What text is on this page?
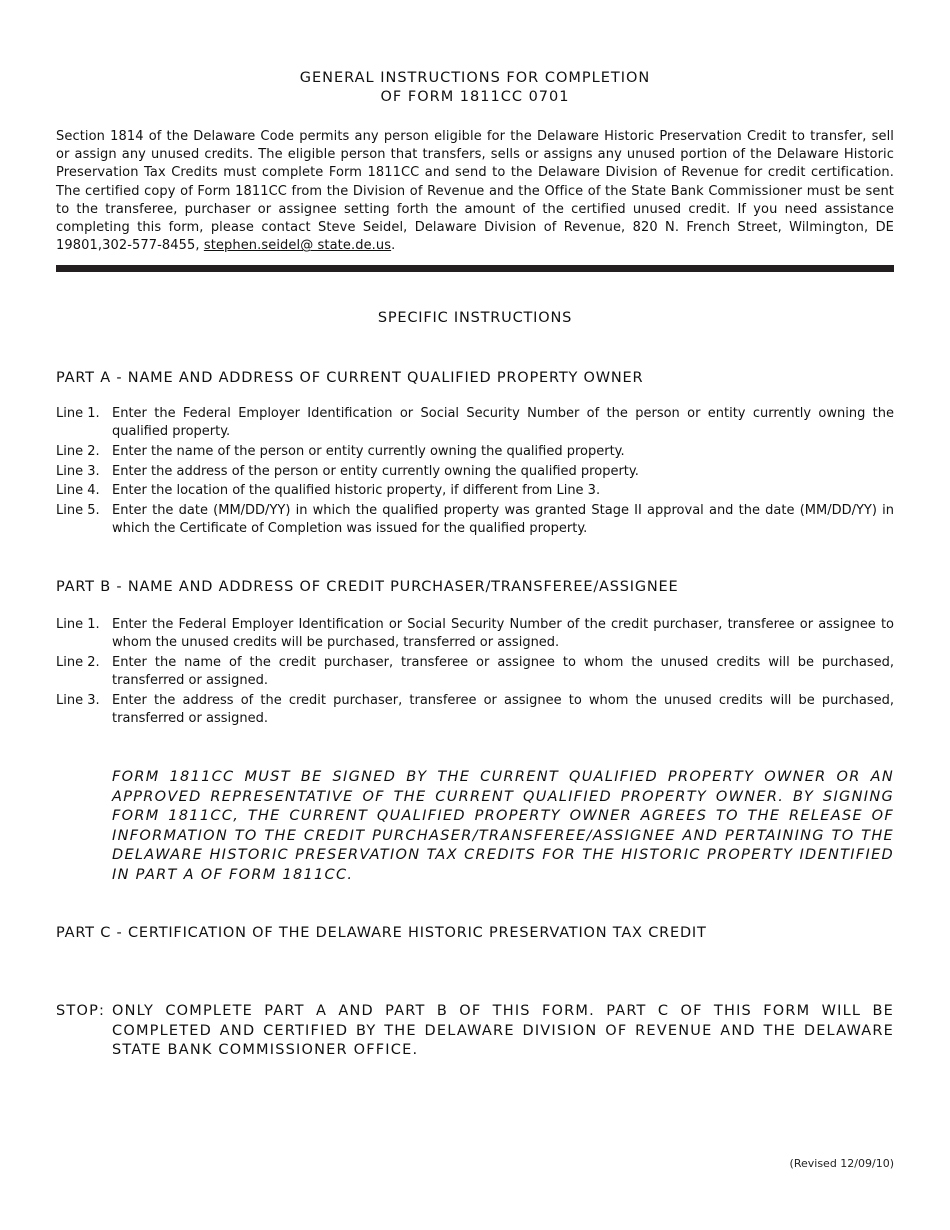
GENERAL INSTRUCTIONS FOR COMPLETION
OF FORM 1811CC 0701
Section 1814 of the Delaware Code permits any person eligible for the Delaware Historic Preservation Credit to transfer, sell or assign any unused credits. The eligible person that transfers, sells or assigns any unused portion of the Delaware Historic Preservation Tax Credits must complete Form 1811CC and send to the Delaware Division of Revenue for credit certification. The certified copy of Form 1811CC from the Division of Revenue and the Office of the State Bank Commissioner must be sent to the transferee, purchaser or assignee setting forth the amount of the certified unused credit. If you need assistance completing this form, please contact Steve Seidel, Delaware Division of Revenue, 820 N. French Street, Wilmington, DE 19801,302-577-8455, stephen.seidel@ state.de.us.
SPECIFIC INSTRUCTIONS
PART A - NAME AND ADDRESS OF CURRENT QUALIFIED PROPERTY OWNER
Line 1. Enter the Federal Employer Identification or Social Security Number of the person or entity currently owning the qualified property.
Line 2. Enter the name of the person or entity currently owning the qualified property.
Line 3. Enter the address of the person or entity currently owning the qualified property.
Line 4. Enter the location of the qualified historic property, if different from Line 3.
Line 5. Enter the date (MM/DD/YY) in which the qualified property was granted Stage II approval and the date (MM/DD/YY) in which the Certificate of Completion was issued for the qualified property.
PART B - NAME AND ADDRESS OF CREDIT PURCHASER/TRANSFEREE/ASSIGNEE
Line 1. Enter the Federal Employer Identification or Social Security Number of the credit purchaser, transferee or assignee to whom the unused credits will be purchased, transferred or assigned.
Line 2. Enter the name of the credit purchaser, transferee or assignee to whom the unused credits will be purchased, transferred or assigned.
Line 3. Enter the address of the credit purchaser, transferee or assignee to whom the unused credits will be purchased, transferred or assigned.
FORM 1811CC MUST BE SIGNED BY THE CURRENT QUALIFIED PROPERTY OWNER OR AN APPROVED REPRESENTATIVE OF THE CURRENT QUALIFIED PROPERTY OWNER. BY SIGNING FORM 1811CC, THE CURRENT QUALIFIED PROPERTY OWNER AGREES TO THE RELEASE OF INFORMATION TO THE CREDIT PURCHASER/TRANSFEREE/ASSIGNEE AND PERTAINING TO THE DELAWARE HISTORIC PRESERVATION TAX CREDITS FOR THE HISTORIC PROPERTY IDENTIFIED IN PART A OF FORM 1811CC.
PART C - CERTIFICATION OF THE DELAWARE HISTORIC PRESERVATION TAX CREDIT
STOP: ONLY COMPLETE PART A AND PART B OF THIS FORM. PART C OF THIS FORM WILL BE COMPLETED AND CERTIFIED BY THE DELAWARE DIVISION OF REVENUE AND THE DELAWARE STATE BANK COMMISSIONER OFFICE.
(Revised 12/09/10)
